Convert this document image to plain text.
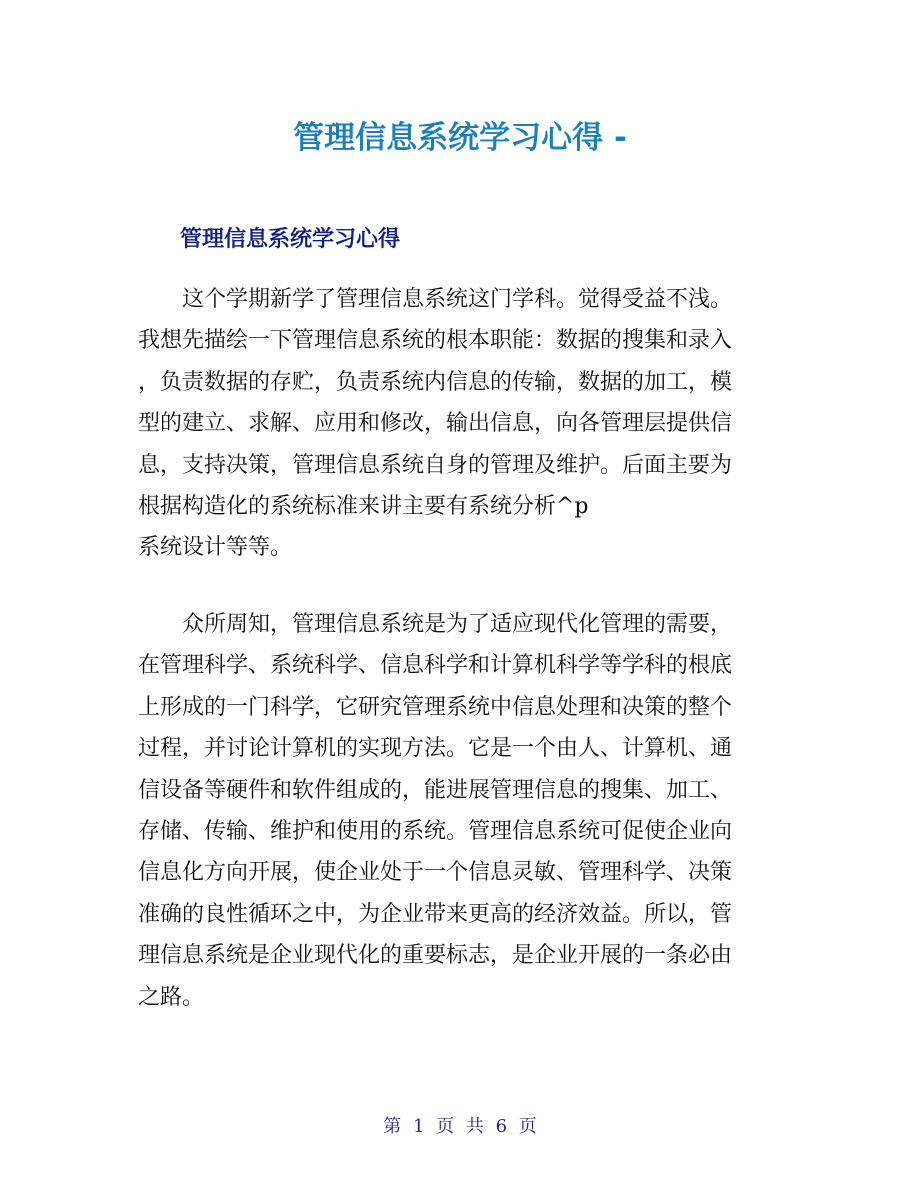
管理信息系统学习心得 -
管理信息系统学习心得
　　这个学期新学了管理信息系统这门学科。觉得受益不浅。
我想先描绘一下管理信息系统的根本职能：数据的搜集和录入
，负责数据的存贮，负责系统内信息的传输，数据的加工，模
型的建立、求解、应用和修改，输出信息，向各管理层提供信
息，支持决策，管理信息系统自身的管理及维护。后面主要为
根据构造化的系统标准来讲主要有系统分析^p
系统设计等等。
　　众所周知，管理信息系统是为了适应现代化管理的需要，
在管理科学、系统科学、信息科学和计算机科学等学科的根底
上形成的一门科学，它研究管理系统中信息处理和决策的整个
过程，并讨论计算机的实现方法。它是一个由人、计算机、通
信设备等硬件和软件组成的，能进展管理信息的搜集、加工、
存储、传输、维护和使用的系统。管理信息系统可促使企业向
信息化方向开展，使企业处于一个信息灵敏、管理科学、决策
准确的良性循环之中，为企业带来更高的经济效益。所以，管
理信息系统是企业现代化的重要标志，是企业开展的一条必由
之路。
第 1 页 共 6 页
